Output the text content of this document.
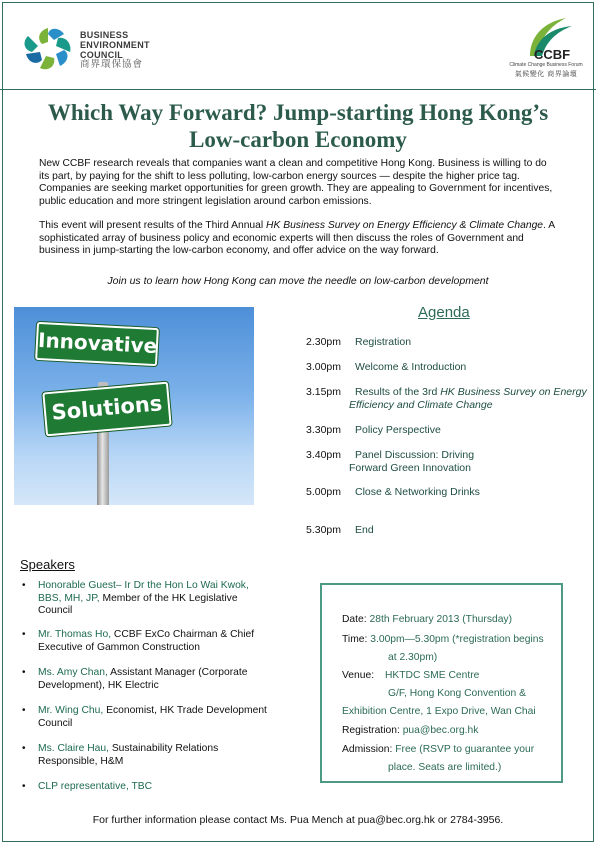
BUSINESS
ENVIRONMENT
COUNCIL
商界環保協會
CCBF
Climate Change Business Forum
氣候變化 商界論壇
Which Way Forward? Jump-starting Hong Kong’s
Low-carbon Economy

New CCBF research reveals that companies want a clean and competitive Hong Kong. Business is willing to do its part, by paying for the shift to less polluting, low-carbon energy sources — despite the higher price tag. Companies are seeking market opportunities for green growth. They are appealing to Government for incentives, public education and more stringent legislation around carbon emissions.

This event will present results of the Third Annual HK Business Survey on Energy Efficiency & Climate Change. A sophisticated array of business policy and economic experts will then discuss the roles of Government and business in jump-starting the low-carbon economy, and offer advice on the way forward.

Join us to learn how Hong Kong can move the needle on low-carbon development
Innovative
Solutions
Agenda
2.30pm Registration
3.00pm Welcome & Introduction
3.15pm Results of the 3rd HK Business Survey on Energy
Efficiency and Climate Change
3.30pm Policy Perspective
3.40pm Panel Discussion: Driving
Forward Green Innovation
5.00pm Close & Networking Drinks
5.30pm End
Speakers
•	Honorable Guest– Ir Dr the Hon Lo Wai Kwok, BBS, MH, JP, Member of the HK Legislative Council
•	Mr. Thomas Ho, CCBF ExCo Chairman & Chief Executive of Gammon Construction
•	Ms. Amy Chan, Assistant Manager (Corporate Development), HK Electric
•	Mr. Wing Chu, Economist, HK Trade Development Council
•	Ms. Claire Hau, Sustainability Relations Responsible, H&M
•	CLP representative, TBC
Date: 28th February 2013 (Thursday)
Time: 3.00pm—5.30pm (*registration begins
at 2.30pm)
Venue: HKTDC SME Centre
G/F, Hong Kong Convention &
Exhibition Centre, 1 Expo Drive, Wan Chai
Registration: pua@bec.org.hk
Admission: Free (RSVP to guarantee your
place. Seats are limited.)
For further information please contact Ms. Pua Mench at pua@bec.org.hk or 2784-3956.
